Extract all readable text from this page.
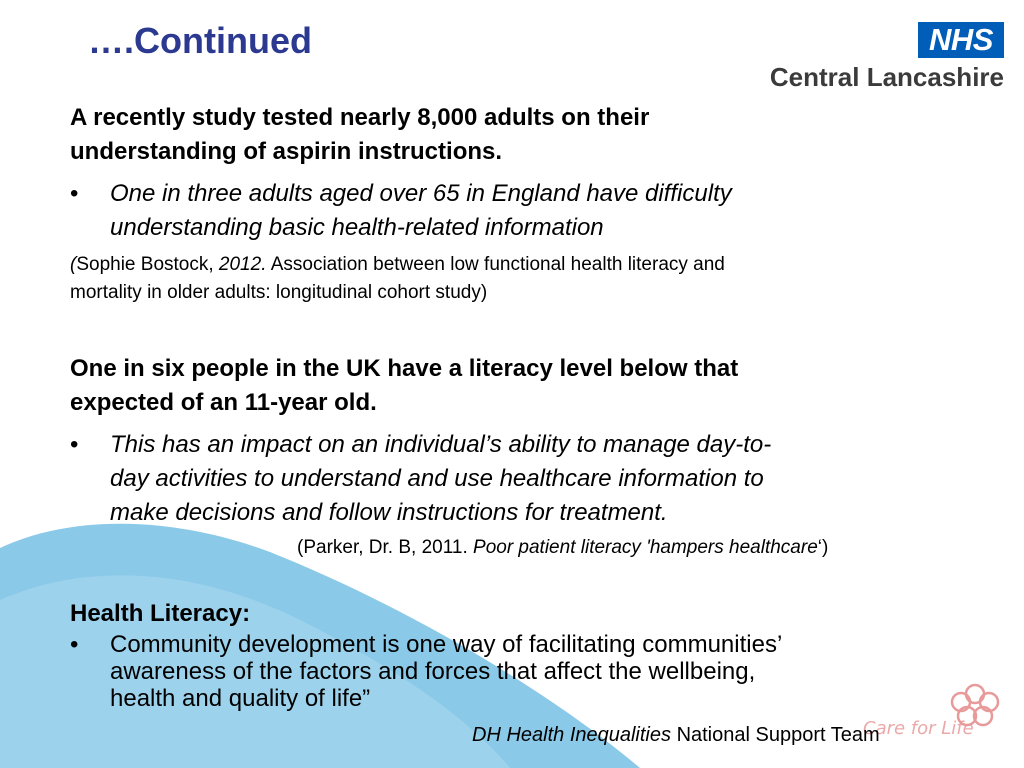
….Continued	NHS
Central Lancashire
A recently study tested nearly 8,000 adults on their
understanding of aspirin instructions.
• One in three adults aged over 65 in England have difficulty
understanding basic health-related information
(Sophie Bostock, 2012. Association between low functional health literacy and
mortality in older adults: longitudinal cohort study)
One in six people in the UK have a literacy level below that
expected of an 11-year old.
• This has an impact on an individual’s ability to manage day-to-
day activities to understand and use healthcare information to
make decisions and follow instructions for treatment.
(Parker, Dr. B, 2011. Poor patient literacy 'hampers healthcare‘)
Health Literacy:
• Community development is one way of facilitating communities’
awareness of the factors and forces that affect the wellbeing,
health and quality of life”
DH Health Inequalities National Support Team
Care for Life
